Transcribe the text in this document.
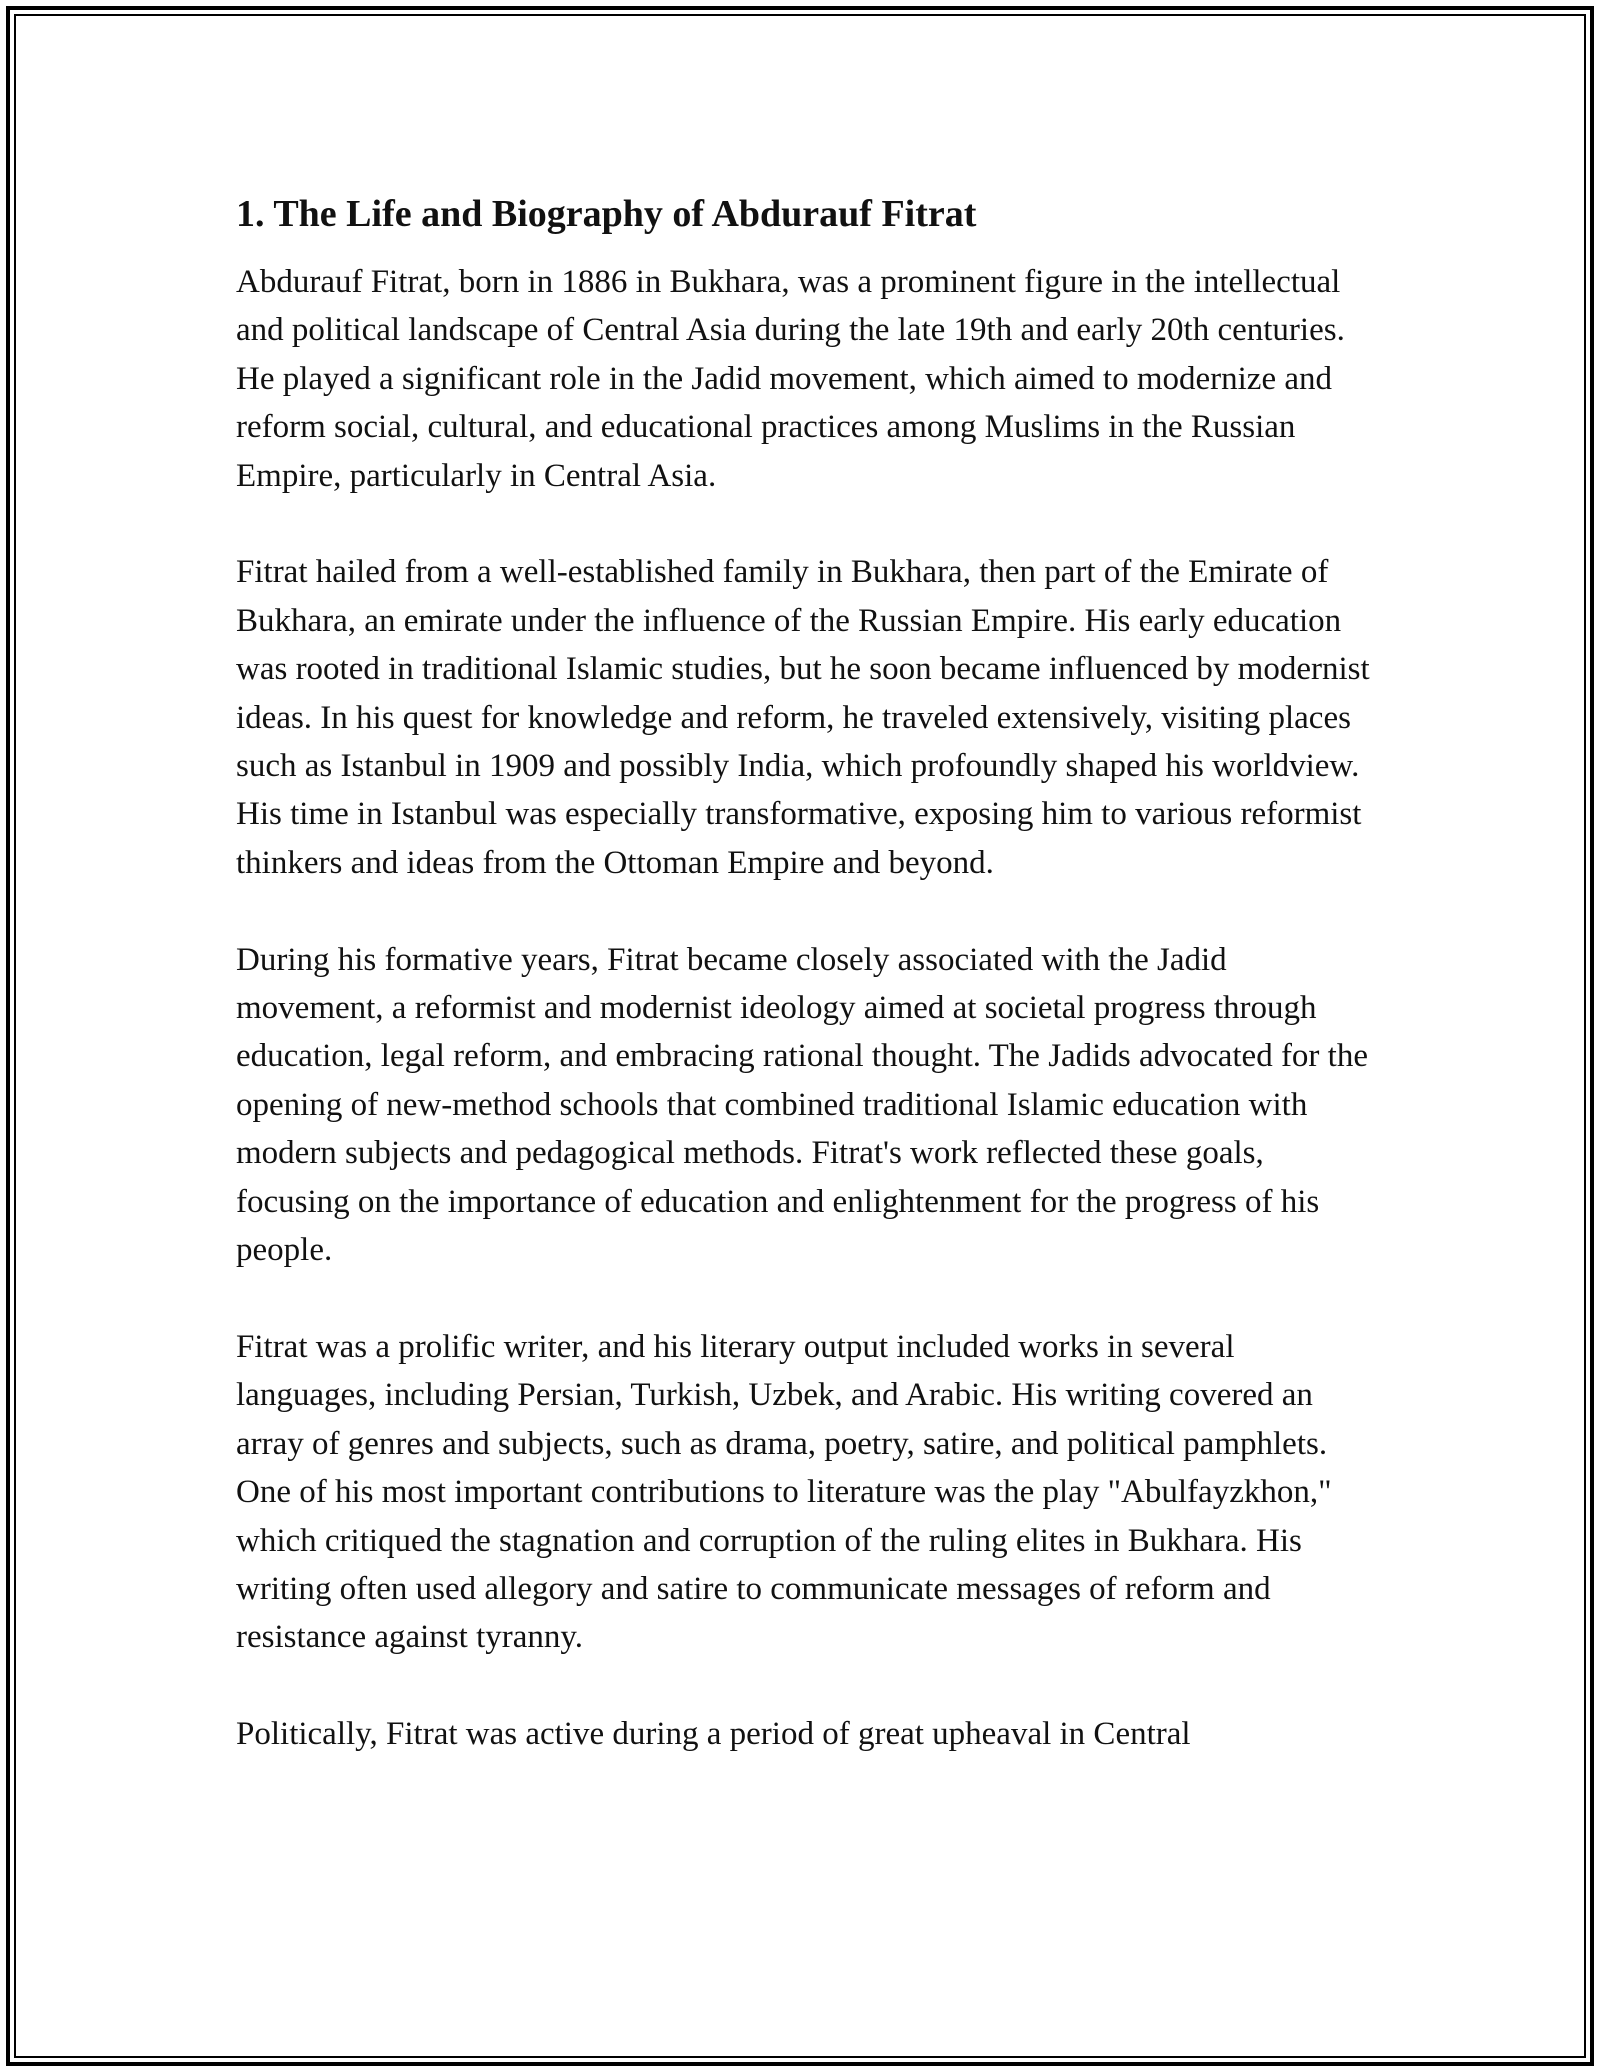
1. The Life and Biography of Abdurauf Fitrat

Abdurauf Fitrat, born in 1886 in Bukhara, was a prominent figure in the intellectual and political landscape of Central Asia during the late 19th and early 20th centuries. He played a significant role in the Jadid movement, which aimed to modernize and reform social, cultural, and educational practices among Muslims in the Russian Empire, particularly in Central Asia.

Fitrat hailed from a well-established family in Bukhara, then part of the Emirate of Bukhara, an emirate under the influence of the Russian Empire. His early education was rooted in traditional Islamic studies, but he soon became influenced by modernist ideas. In his quest for knowledge and reform, he traveled extensively, visiting places such as Istanbul in 1909 and possibly India, which profoundly shaped his worldview. His time in Istanbul was especially transformative, exposing him to various reformist thinkers and ideas from the Ottoman Empire and beyond.

During his formative years, Fitrat became closely associated with the Jadid movement, a reformist and modernist ideology aimed at societal progress through education, legal reform, and embracing rational thought. The Jadids advocated for the opening of new-method schools that combined traditional Islamic education with modern subjects and pedagogical methods. Fitrat's work reflected these goals, focusing on the importance of education and enlightenment for the progress of his people.

Fitrat was a prolific writer, and his literary output included works in several languages, including Persian, Turkish, Uzbek, and Arabic. His writing covered an array of genres and subjects, such as drama, poetry, satire, and political pamphlets. One of his most important contributions to literature was the play "Abulfayzkhon," which critiqued the stagnation and corruption of the ruling elites in Bukhara. His writing often used allegory and satire to communicate messages of reform and resistance against tyranny.

Politically, Fitrat was active during a period of great upheaval in Central
